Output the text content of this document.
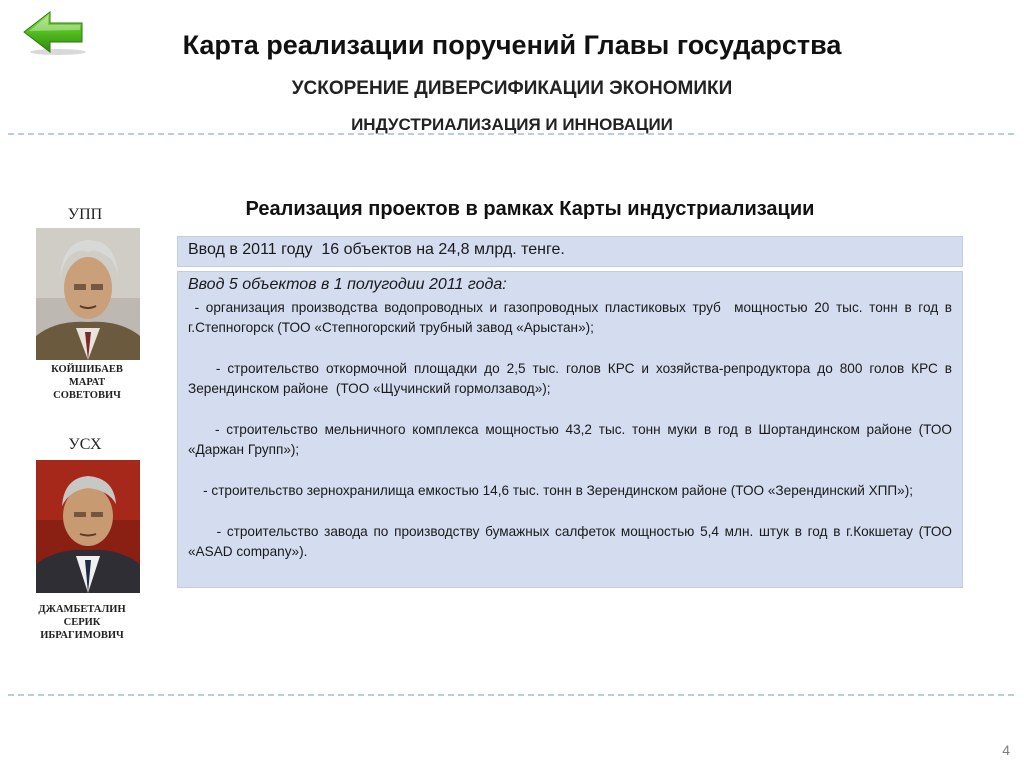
Карта реализации поручений Главы государства
УСКОРЕНИЕ ДИВЕРСИФИКАЦИИ ЭКОНОМИКИ
ИНДУСТРИАЛИЗАЦИЯ И ИННОВАЦИИ
УПП
КОЙШИБАЕВ
МАРАТ
СОВЕТОВИЧ
УСХ
ДЖАМБЕТАЛИН
СЕРИК
ИБРАГИМОВИЧ
Реализация проектов в рамках Карты индустриализации
Ввод в 2011 году  16 объектов на 24,8 млрд. тенге.
Ввод 5 объектов в 1 полугодии 2011 года:

- организация производства водопроводных и газопроводных пластиковых труб  мощностью 20 тыс. тонн в год в  г.Степногорск (ТОО «Степногорский трубный завод «Арыстан»);

- строительство откормочной площадки до 2,5 тыс. голов КРС и хозяйства-репродуктора до 800 голов КРС в Зерендинском районе  (ТОО «Щучинский гормолзавод»);

- строительство мельничного комплекса мощностью 43,2 тыс. тонн муки в год в Шортандинском районе (ТОО «Даржан Групп»);

- строительство зернохранилища емкостью 14,6 тыс. тонн в Зерендинском районе (ТОО «Зерендинский ХПП»);

- строительство завода по производству бумажных салфеток мощностью 5,4 млн. штук в год в г.Кокшетау (ТОО «ASAD company»).

4
